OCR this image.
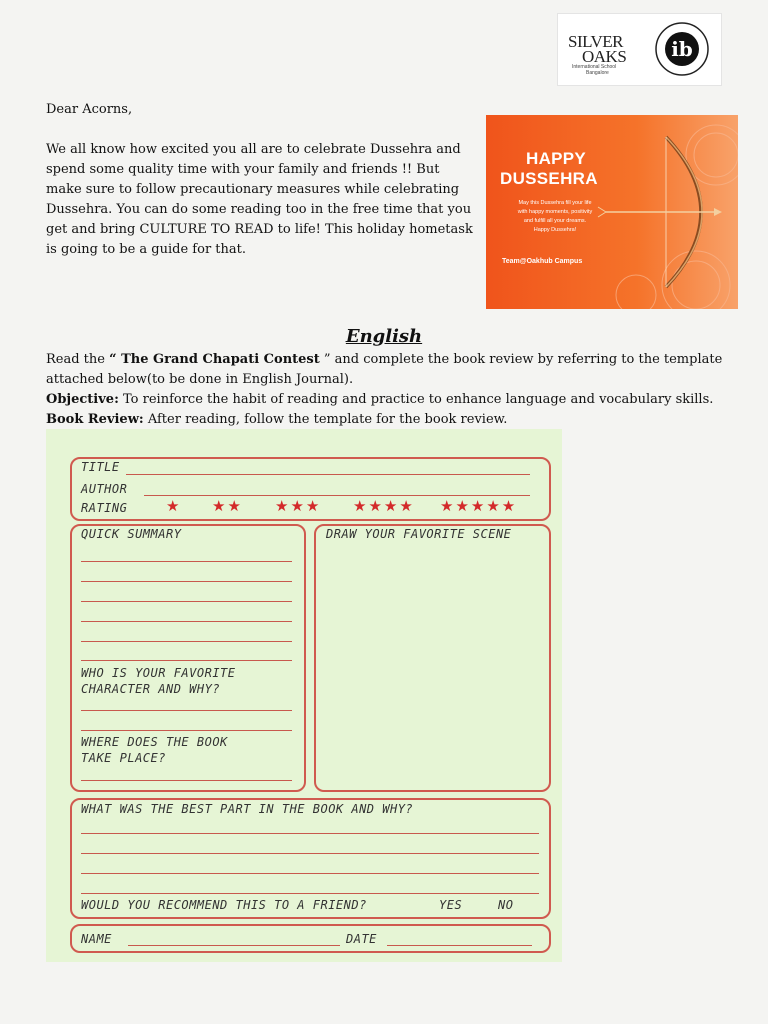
SILVER
OAKS
International School
Bangalore
ib

Dear Acorns,

We all know how excited you all are to celebrate Dussehra and
spend some quality time with your family and friends !! But
make sure to follow precautionary measures while celebrating
Dussehra. You can do some reading too in the free time that you
get and bring CULTURE TO READ to life! This holiday hometask
is going to be a guide for that.

HAPPY
DUSSEHRA
May this Dussehra fill your life
with happy moments, positivity
and fulfill all your dreams.
Happy Dussehra!
Team@Oakhub Campus
English
Read the “ The Grand Chapati Contest ” and complete the book review by referring to the template
attached below(to be done in English Journal).
Objective: To reinforce the habit of reading and practice to enhance language and vocabulary skills.
Book Review: After reading, follow the template for the book review.
TITLE
AUTHOR
RATING	★ ★★ ★★★ ★★★★ ★★★★★
QUICK SUMMARY
WHO IS YOUR FAVORITE
CHARACTER AND WHY?
WHERE DOES THE BOOK
TAKE PLACE?
DRAW YOUR FAVORITE SCENE
WHAT WAS THE BEST PART IN THE BOOK AND WHY?
WOULD YOU RECOMMEND THIS TO A FRIEND?	YES	NO
NAME	DATE
